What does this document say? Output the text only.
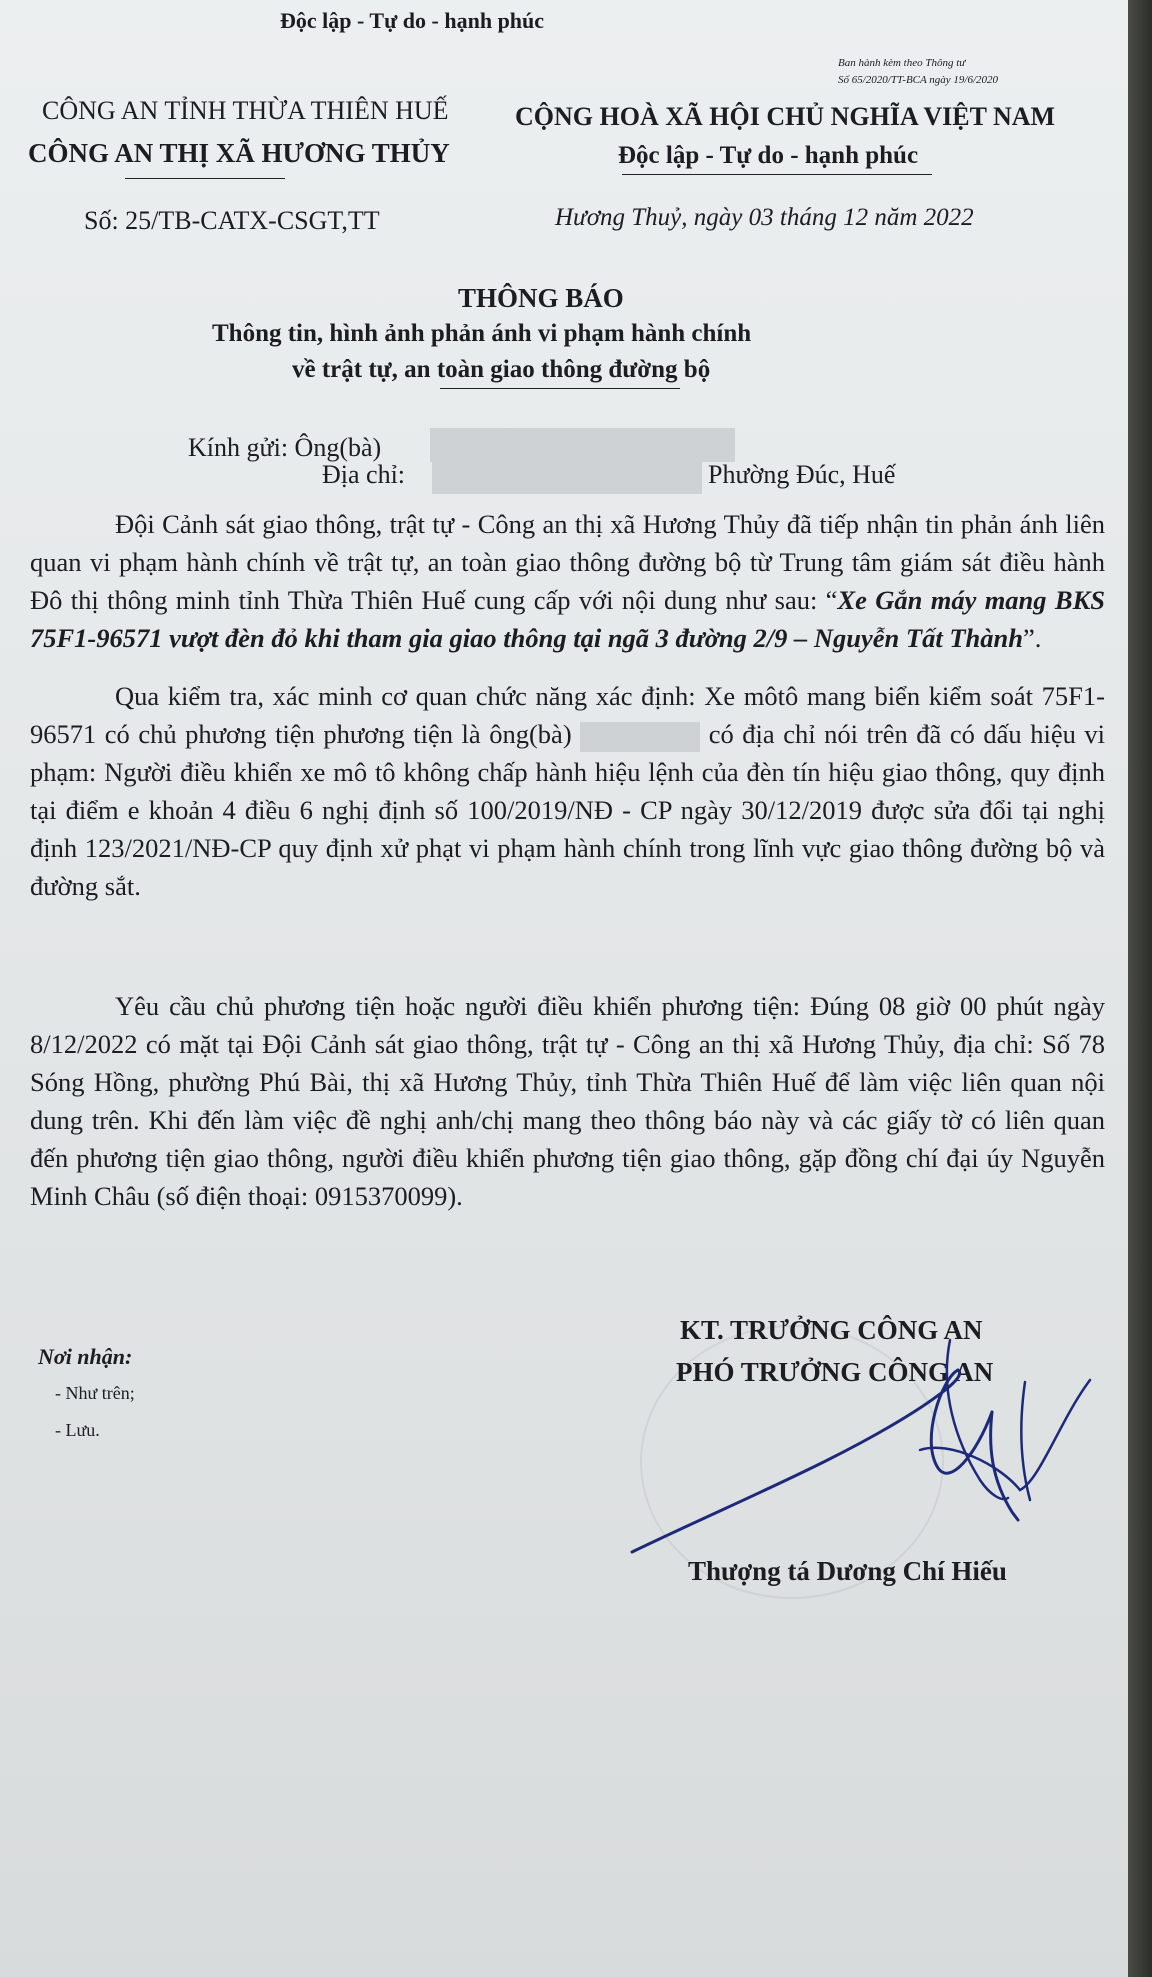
Độc lập - Tự do - hạnh phúc
Ban hành kèm theo Thông tư
Số 65/2020/TT-BCA ngày 19/6/2020
CÔNG AN TỈNH THỪA THIÊN HUẾ
CÔNG AN THỊ XÃ HƯƠNG THỦY
CỘNG HOÀ XÃ HỘI CHỦ NGHĨA VIỆT NAM
Độc lập - Tự do - hạnh phúc
Số: 25/TB-CATX-CSGT,TT	Hương Thuỷ, ngày 03 tháng 12 năm 2022
THÔNG BÁO
Thông tin, hình ảnh phản ánh vi phạm hành chính
về trật tự, an toàn giao thông đường bộ
Kính gửi: Ông(bà)
Địa chỉ:	Phường Đúc, Huế

Đội Cảnh sát giao thông, trật tự - Công an thị xã Hương Thủy đã tiếp nhận tin phản ánh liên quan vi phạm hành chính về trật tự, an toàn giao thông đường bộ từ Trung tâm giám sát điều hành Đô thị thông minh tỉnh Thừa Thiên Huế cung cấp với nội dung như sau: “Xe Gắn máy mang BKS 75F1-96571 vượt đèn đỏ khi tham gia giao thông tại ngã 3 đường 2/9 – Nguyễn Tất Thành”.

Qua kiểm tra, xác minh cơ quan chức năng xác định: Xe môtô mang biển kiểm soát 75F1-96571 có chủ phương tiện phương tiện là ông(bà)	có địa chỉ nói trên đã có dấu hiệu vi phạm: Người điều khiển xe mô tô không chấp hành hiệu lệnh của đèn tín hiệu giao thông, quy định tại điểm e khoản 4 điều 6 nghị định số 100/2019/NĐ - CP ngày 30/12/2019 được sửa đổi tại nghị định 123/2021/NĐ-CP quy định xử phạt vi phạm hành chính trong lĩnh vực giao thông đường bộ và đường sắt.

Yêu cầu chủ phương tiện hoặc người điều khiển phương tiện: Đúng 08 giờ 00 phút ngày 8/12/2022 có mặt tại Đội Cảnh sát giao thông, trật tự - Công an thị xã Hương Thủy, địa chỉ: Số 78 Sóng Hồng, phường Phú Bài, thị xã Hương Thủy, tỉnh Thừa Thiên Huế để làm việc liên quan nội dung trên. Khi đến làm việc đề nghị anh/chị mang theo thông báo này và các giấy tờ có liên quan đến phương tiện giao thông, người điều khiển phương tiện giao thông, gặp đồng chí đại úy Nguyễn Minh Châu (số điện thoại: 0915370099).

Nơi nhận:
- Như trên;
- Lưu.
KT. TRƯỞNG CÔNG AN
PHÓ TRƯỞNG CÔNG AN
Thượng tá Dương Chí Hiếu
